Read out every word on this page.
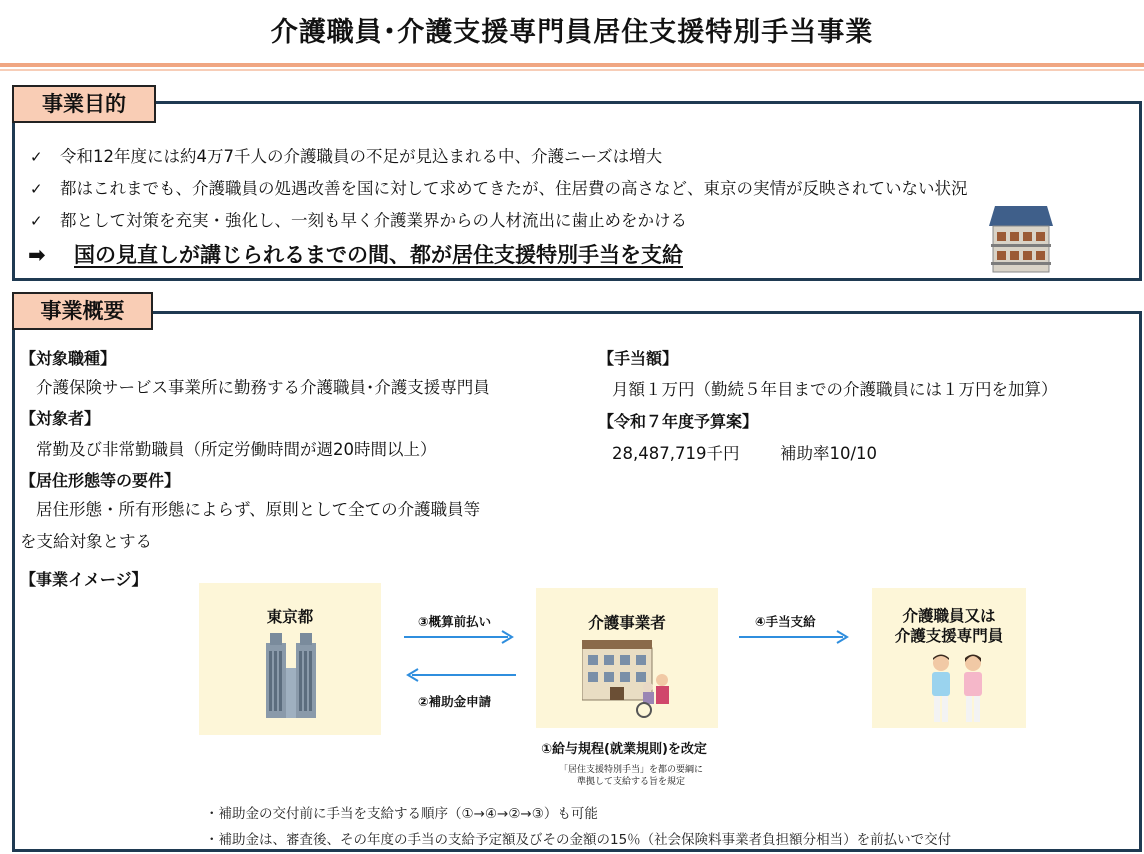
介護職員･介護支援専門員居住支援特別手当事業
事業目的
✓ 令和12年度には約4万7千人の介護職員の不足が見込まれる中、介護ニーズは増大
✓ 都はこれまでも、介護職員の処遇改善を国に対して求めてきたが、住居費の高さなど、東京の実情が反映されていない状況
✓ 都として対策を充実・強化し、一刻も早く介護業界からの人材流出に歯止めをかける
➡ 国の見直しが講じられるまでの間、都が居住支援特別手当を支給
事業概要
【対象職種】
介護保険サービス事業所に勤務する介護職員･介護支援専門員
【対象者】
常勤及び非常勤職員（所定労働時間が週20時間以上）
【居住形態等の要件】
居住形態・所有形態によらず、原則として全ての介護職員等
を支給対象とする
【手当額】
月額１万円（勤続５年目までの介護職員には１万円を加算）
【令和７年度予算案】
28,487,719千円 補助率10/10
【事業イメージ】
東京都	介護事業者	介護職員又は
介護支援専門員
③概算前払い
②補助金申請
④手当支給
①給与規程(就業規則)を改定
「居住支援特別手当」を都の要綱に
準拠して支給する旨を規定
・補助金の交付前に手当を支給する順序（①→④→②→③）も可能
・補助金は、審査後、その年度の手当の支給予定額及びその金額の15％（社会保険料事業者負担額分相当）を前払いで交付
